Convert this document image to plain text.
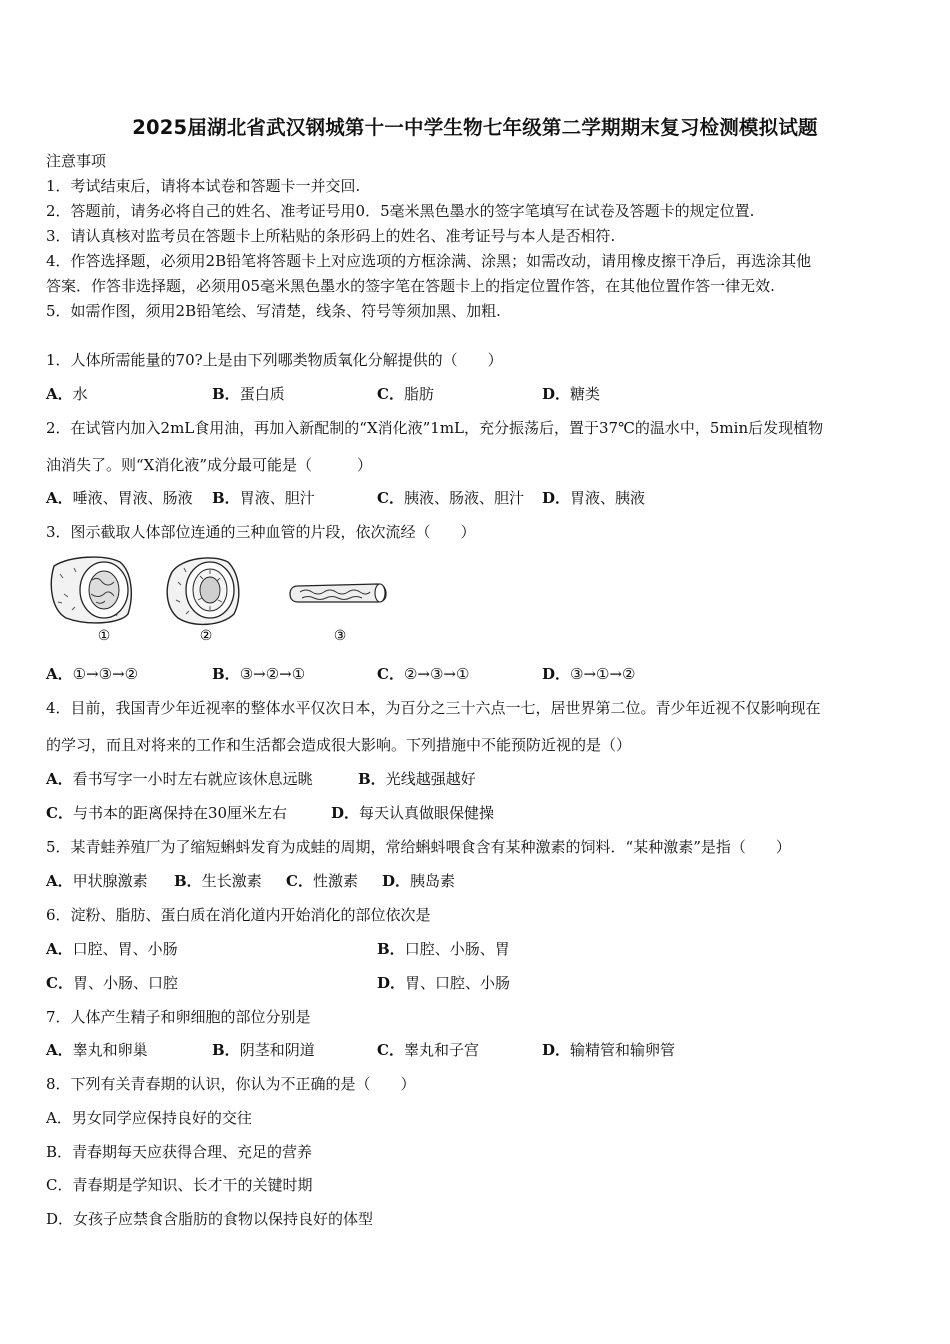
2025届湖北省武汉钢城第十一中学生物七年级第二学期期末复习检测模拟试题
注意事项
1．考试结束后，请将本试卷和答题卡一并交回.
2．答题前，请务必将自己的姓名、准考证号用0．5毫米黑色墨水的签字笔填写在试卷及答题卡的规定位置.
3．请认真核对监考员在答题卡上所粘贴的条形码上的姓名、准考证号与本人是否相符.
4．作答选择题，必须用2B铅笔将答题卡上对应选项的方框涂满、涂黑；如需改动，请用橡皮擦干净后，再选涂其他
答案．作答非选择题，必须用05毫米黑色墨水的签字笔在答题卡上的指定位置作答，在其他位置作答一律无效.
5．如需作图，须用2B铅笔绘、写清楚，线条、符号等须加黑、加粗.
1．人体所需能量的70?上是由下列哪类物质氧化分解提供的（　　）
A．水	B．蛋白质	C．脂肪	D．糖类
2．在试管内加入2mL食用油，再加入新配制的“X消化液”1mL，充分振荡后，置于37℃的温水中，5min后发现植物
油消失了。则“X消化液”成分最可能是（　　　）
A．唾液、胃液、肠液 B．胃液、胆汁	C．胰液、肠液、胆汁 D．胃液、胰液
3．图示截取人体部位连通的三种血管的片段，依次流经（　　）
①	②	③
A．①→③→②	B．③→②→①	C．②→③→①	D．③→①→②
4．目前，我国青少年近视率的整体水平仅次日本，为百分之三十六点一七，居世界第二位。青少年近视不仅影响现在
的学习，而且对将来的工作和生活都会造成很大影响。下列措施中不能预防近视的是（）
A．看书写字一小时左右就应该休息远眺	B．光线越强越好
C．与书本的距离保持在30厘米左右	D．每天认真做眼保健操
5．某青蛙养殖厂为了缩短蝌蚪发育为成蛙的周期，常给蝌蚪喂食含有某种激素的饲料．“某种激素”是指（　　）
A．甲状腺激素 B．生长激素 C．性激素 D．胰岛素
6．淀粉、脂肪、蛋白质在消化道内开始消化的部位依次是
A．口腔、胃、小肠	B．口腔、小肠、胃
C．胃、小肠、口腔	D．胃、口腔、小肠
7．人体产生精子和卵细胞的部位分别是
A．睾丸和卵巢	B．阴茎和阴道	C．睾丸和子宫	D．输精管和输卵管
8．下列有关青春期的认识，你认为不正确的是（　　）
A．男女同学应保持良好的交往
B．青春期每天应获得合理、充足的营养
C．青春期是学知识、长才干的关键时期
D．女孩子应禁食含脂肪的食物以保持良好的体型
